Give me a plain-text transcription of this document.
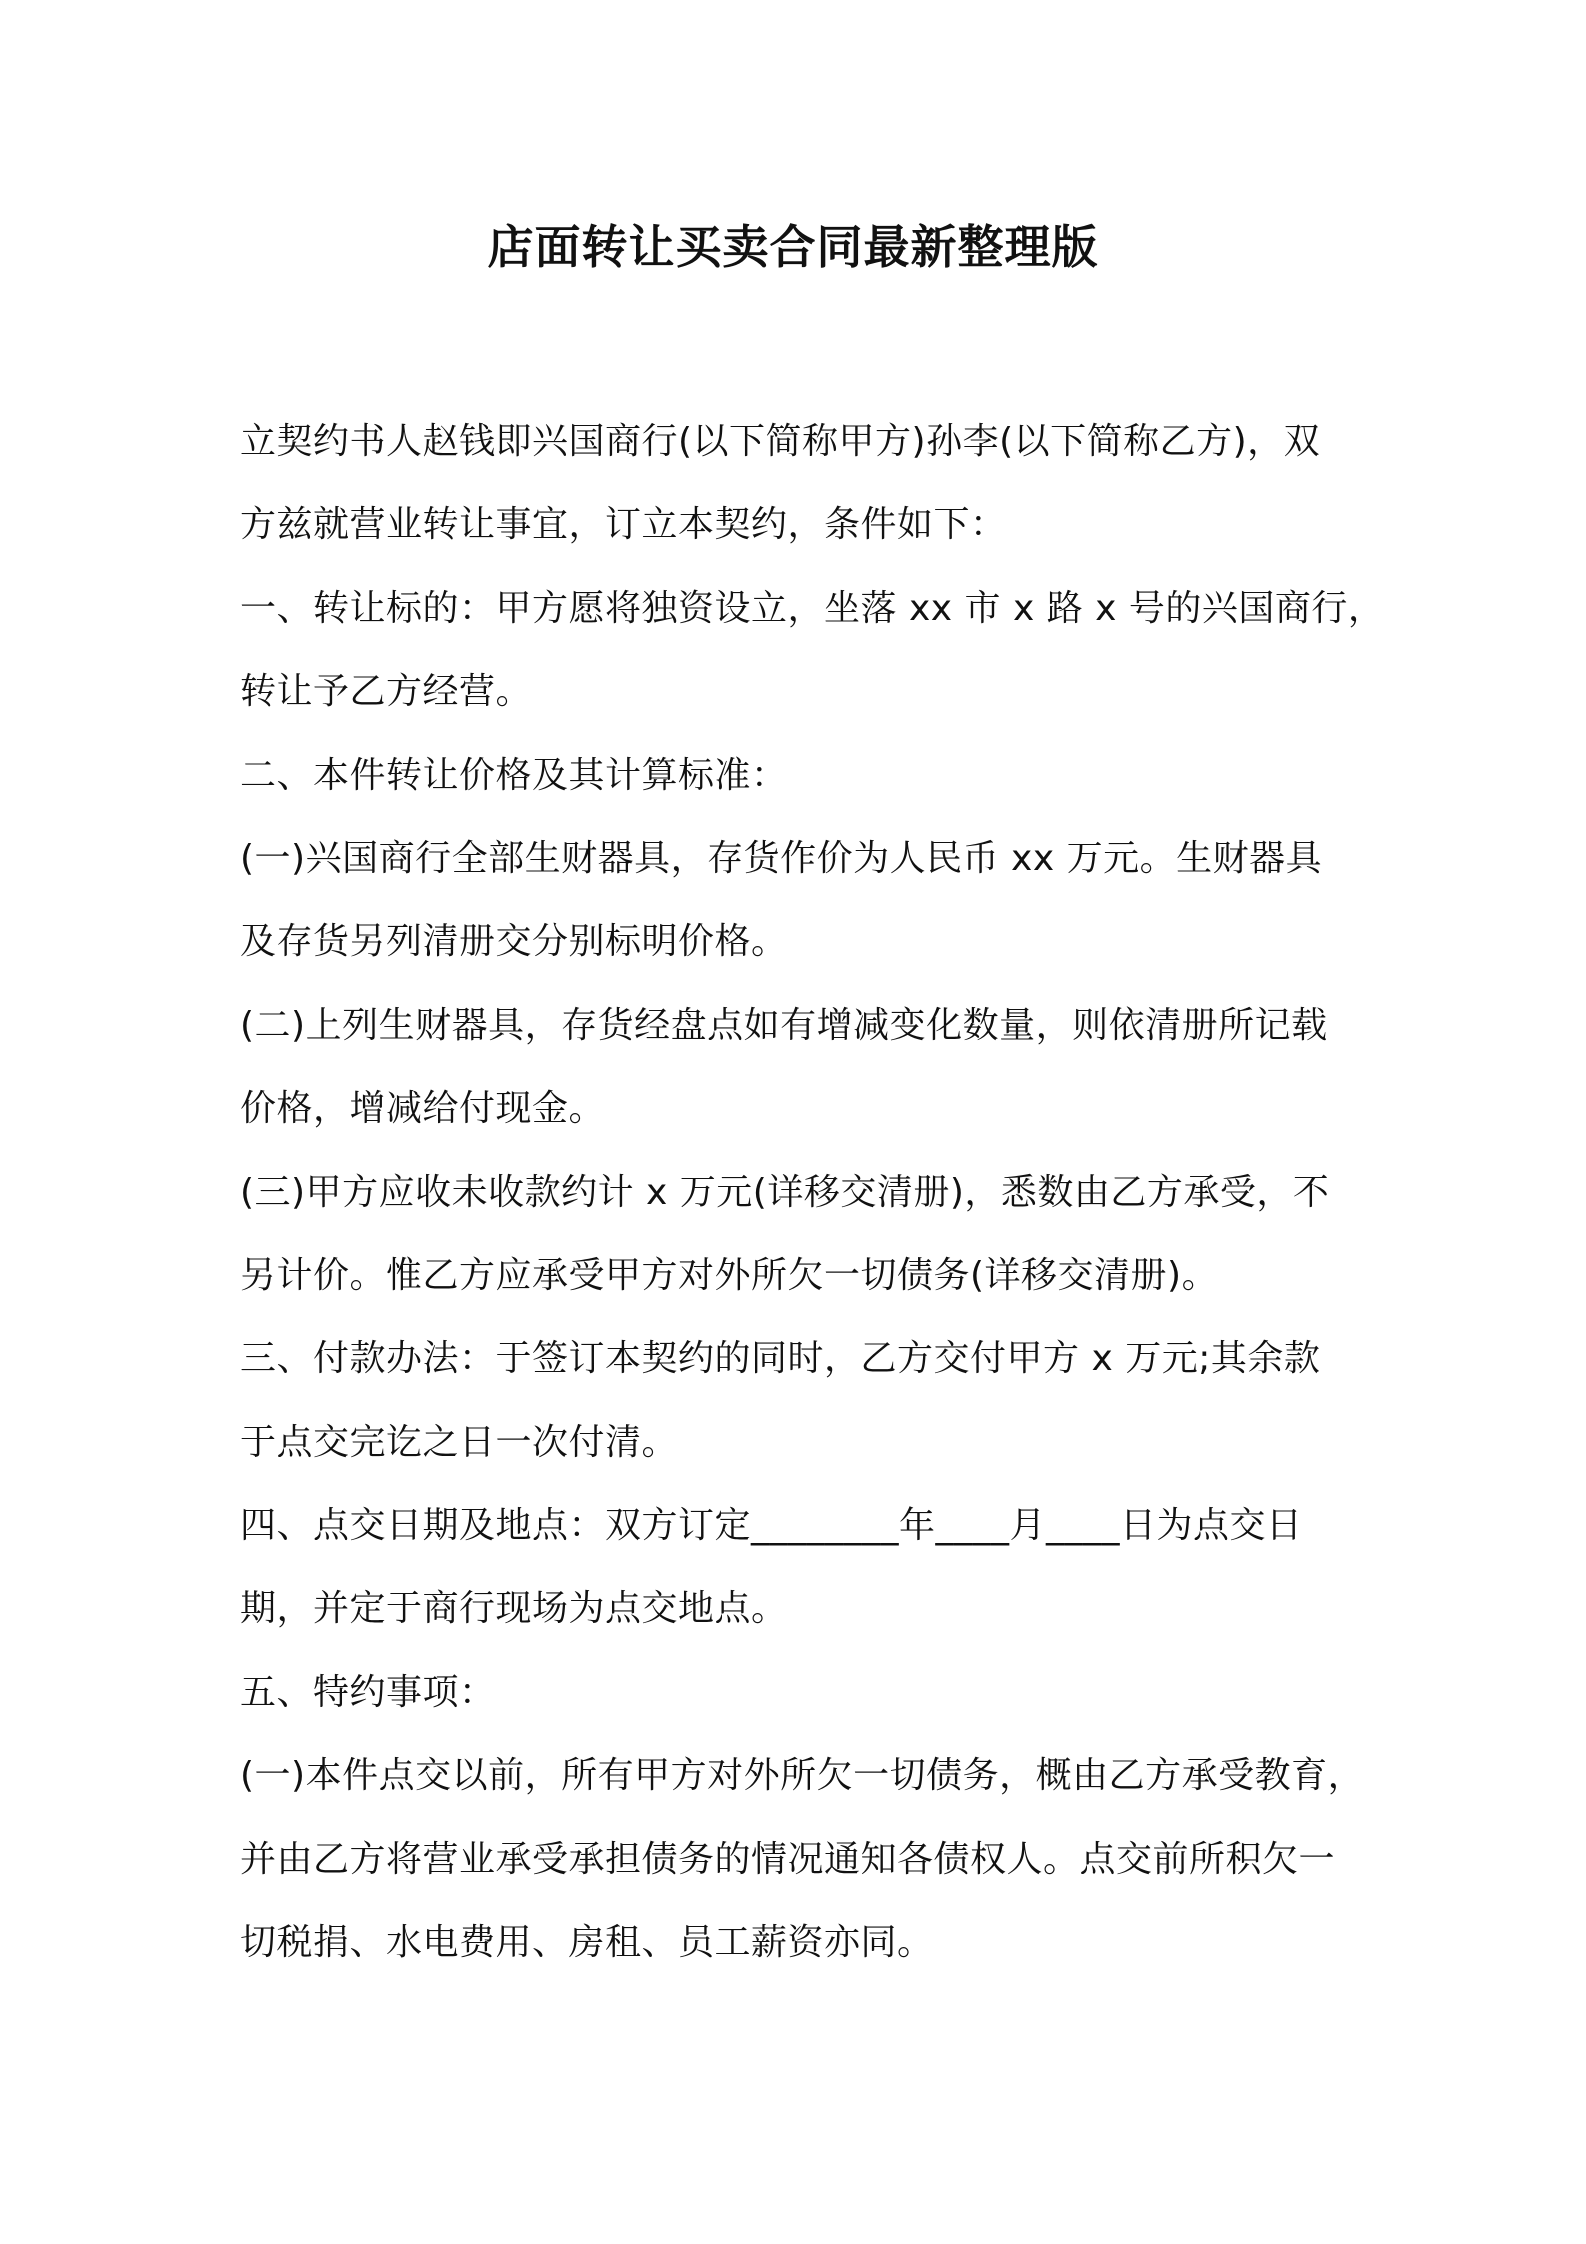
店面转让买卖合同最新整理版
立契约书人赵钱即兴国商行(以下简称甲方)孙李(以下简称乙方)，双
方兹就营业转让事宜，订立本契约，条件如下：
一、转让标的：甲方愿将独资设立，坐落 xx 市 x 路 x 号的兴国商行，
转让予乙方经营。
二、本件转让价格及其计算标准：
(一)兴国商行全部生财器具，存货作价为人民币 xx 万元。生财器具
及存货另列清册交分别标明价格。
(二)上列生财器具，存货经盘点如有增减变化数量，则依清册所记载
价格，增减给付现金。
(三)甲方应收未收款约计 x 万元(详移交清册)，悉数由乙方承受，不
另计价。惟乙方应承受甲方对外所欠一切债务(详移交清册)。
三、付款办法：于签订本契约的同时，乙方交付甲方 x 万元;其余款
于点交完讫之日一次付清。
四、点交日期及地点：双方订定________年____月____日为点交日
期，并定于商行现场为点交地点。
五、特约事项：
(一)本件点交以前，所有甲方对外所欠一切债务，概由乙方承受教育，
并由乙方将营业承受承担债务的情况通知各债权人。点交前所积欠一
切税捐、水电费用、房租、员工薪资亦同。
